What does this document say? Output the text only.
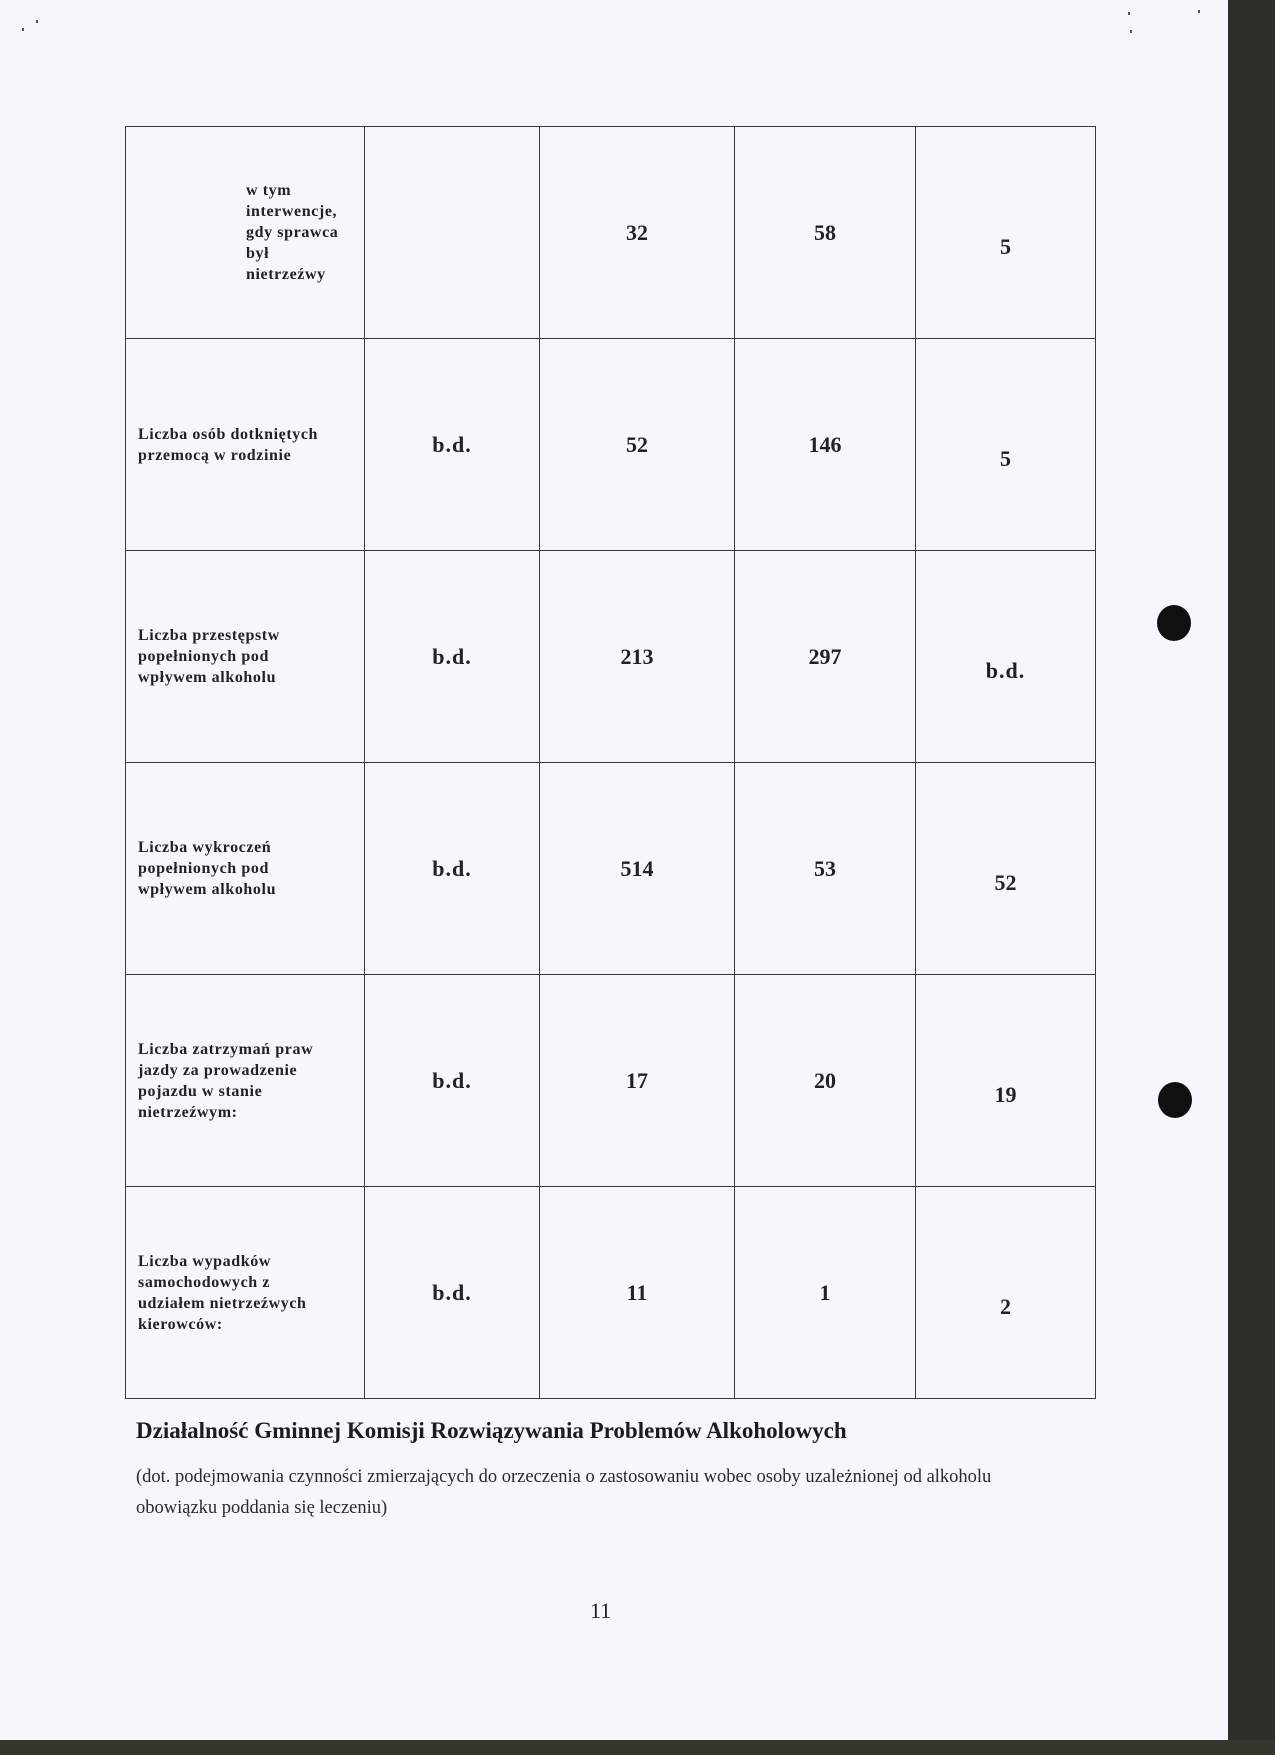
w tym
interwencje,
gdy sprawca
był
nietrzeźwy		32	58	5

Liczba osób dotkniętych
przemocą w rodzinie	b.d.	52	146	5

Liczba przestępstw
popełnionych pod
wpływem alkoholu	b.d.	213	297	b.d.

Liczba wykroczeń
popełnionych pod
wpływem alkoholu	b.d.	514	53	52

Liczba zatrzymań praw
jazdy za prowadzenie
pojazdu w stanie
nietrzeźwym:	b.d.	17	20	19

Liczba wypadków
samochodowych z
udziałem nietrzeźwych
kierowców:	b.d.	11	1	2
Działalność Gminnej Komisji Rozwiązywania Problemów Alkoholowych

(dot. podejmowania czynności zmierzających do orzeczenia o zastosowaniu wobec osoby uzależnionej od alkoholu obowiązku poddania się leczeniu)

11
